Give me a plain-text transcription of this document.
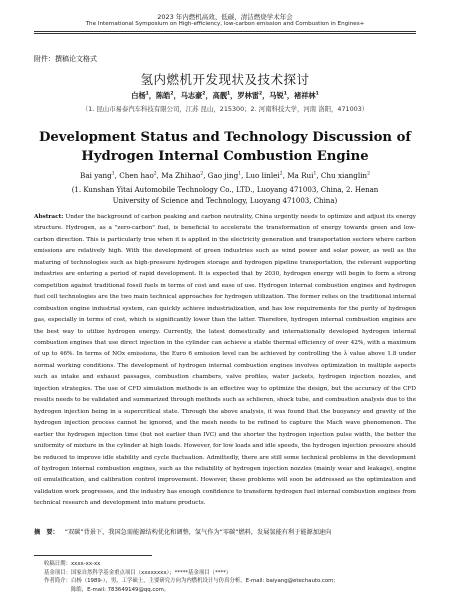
2023 年内燃机高效、低碳、清洁燃烧学术年会
The International Symposium on High-efficiency, low-carbon emission and Combustion in Engines+
附件：撰稿论文格式
氢内燃机开发现状及技术探讨
白杨$^1$，陈皓$^2$，马志豪$^2$，高靓$^1$，罗林雷$^2$，马锐$^1$，褚祥林$^1$
（1. 昆山市易泰汽车科技有限公司，江苏 昆山，215300；2. 河南科技大学，河南 洛阳，471003）
Development Status and Technology Discussion of
Hydrogen Internal Combustion Engine
Bai yang$^1$, Chen hao$^2$, Ma Zhihao$^2$, Gao jing$^1$, Luo linlei$^2$, Ma Rui$^1$, Chu xianglin$^2$
(1. Kunshan Yitai Automobile Technology Co., LTD., Luoyang 471003, China, 2. Henan
University of Science and Technology, Luoyang 471003, China)
Abstract: Under the background of carbon peaking and carbon neutrality, China urgently needs to optimize and adjust its energy structure. Hydrogen, as a "zero-carbon" fuel, is beneficial to accelerate the transformation of energy towards green and low-carbon direction. This is particularly true when it is applied in the electricity generation and transportation sectors where carbon emissions are relatively high. With the development of green industries such as wind power and solar power, as well as the maturing of technologies such as high-pressure hydrogen storage and hydrogen pipeline transportation, the relevant supporting industries are entering a period of rapid development. It is expected that by 2030, hydrogen energy will begin to form a strong competition against traditional fossil fuels in terms of cost and ease of use. Hydrogen internal combustion engines and hydrogen fuel cell technologies are the two main technical approaches for hydrogen utilization. The former relies on the traditional internal combustion engine industrial system, can quickly achieve industrialization, and has low requirements for the purity of hydrogen gas, especially in terms of cost, which is significantly lower than the latter. Therefore, hydrogen internal combustion engines are the best way to utilize hydrogen energy. Currently, the latest domestically and internationally developed hydrogen internal combustion engines that use direct injection in the cylinder can achieve a stable thermal efficiency of over 42%, with a maximum of up to 46%. In terms of NOx emissions, the Euro 6 emission level can be achieved by controlling the λ value above 1.8 under normal working conditions. The development of hydrogen internal combustion engines involves optimization in multiple aspects such as intake and exhaust passages, combustion chambers, valve profiles, water jackets, hydrogen injection nozzles, and injection strategies. The use of CFD simulation methods is an effective way to optimize the design, but the accuracy of the CFD results needs to be validated and summarized through methods such as schlieren, shock tube, and combustion analysis due to the hydrogen injection being in a supercritical state. Through the above analysis, it was found that the buoyancy and gravity of the hydrogen injection process cannot be ignored, and the mesh needs to be refined to capture the Mach wave phenomenon. The earlier the hydrogen injection time (but not earlier than IVC) and the shorter the hydrogen injection pulse width, the better the uniformity of mixture in the cylinder at high loads. However, for low loads and idle speeds, the hydrogen injection pressure should be reduced to improve idle stability and cycle fluctuation. Admittedly, there are still some technical problems in the development of hydrogen internal combustion engines, such as the reliability of hydrogen injection nozzles (mainly wear and leakage), engine oil emulsification, and calibration control improvement. However, these problems will soon be addressed as the optimization and validation work progresses, and the industry has enough confidence to transform hydrogen fuel internal combustion engines from technical research and development into mature products.
摘　要： “双碳”背景下，我国急需能源结构优化和调整，氢气作为“零碳”燃料，发展氢能有利于能源加速向
收稿日期：xxxx-xx-xx
基金项目：国家自然科学基金重点项目（xxxxxxxx）；*****基金项目（****）
作者简介：白杨（1989-），男，工学硕士，主要研究方向为内燃机设计与仿真分析，E-mail: baiyang@etechauto.com;
陈皓，E-mail: 783649149@qq.com。
